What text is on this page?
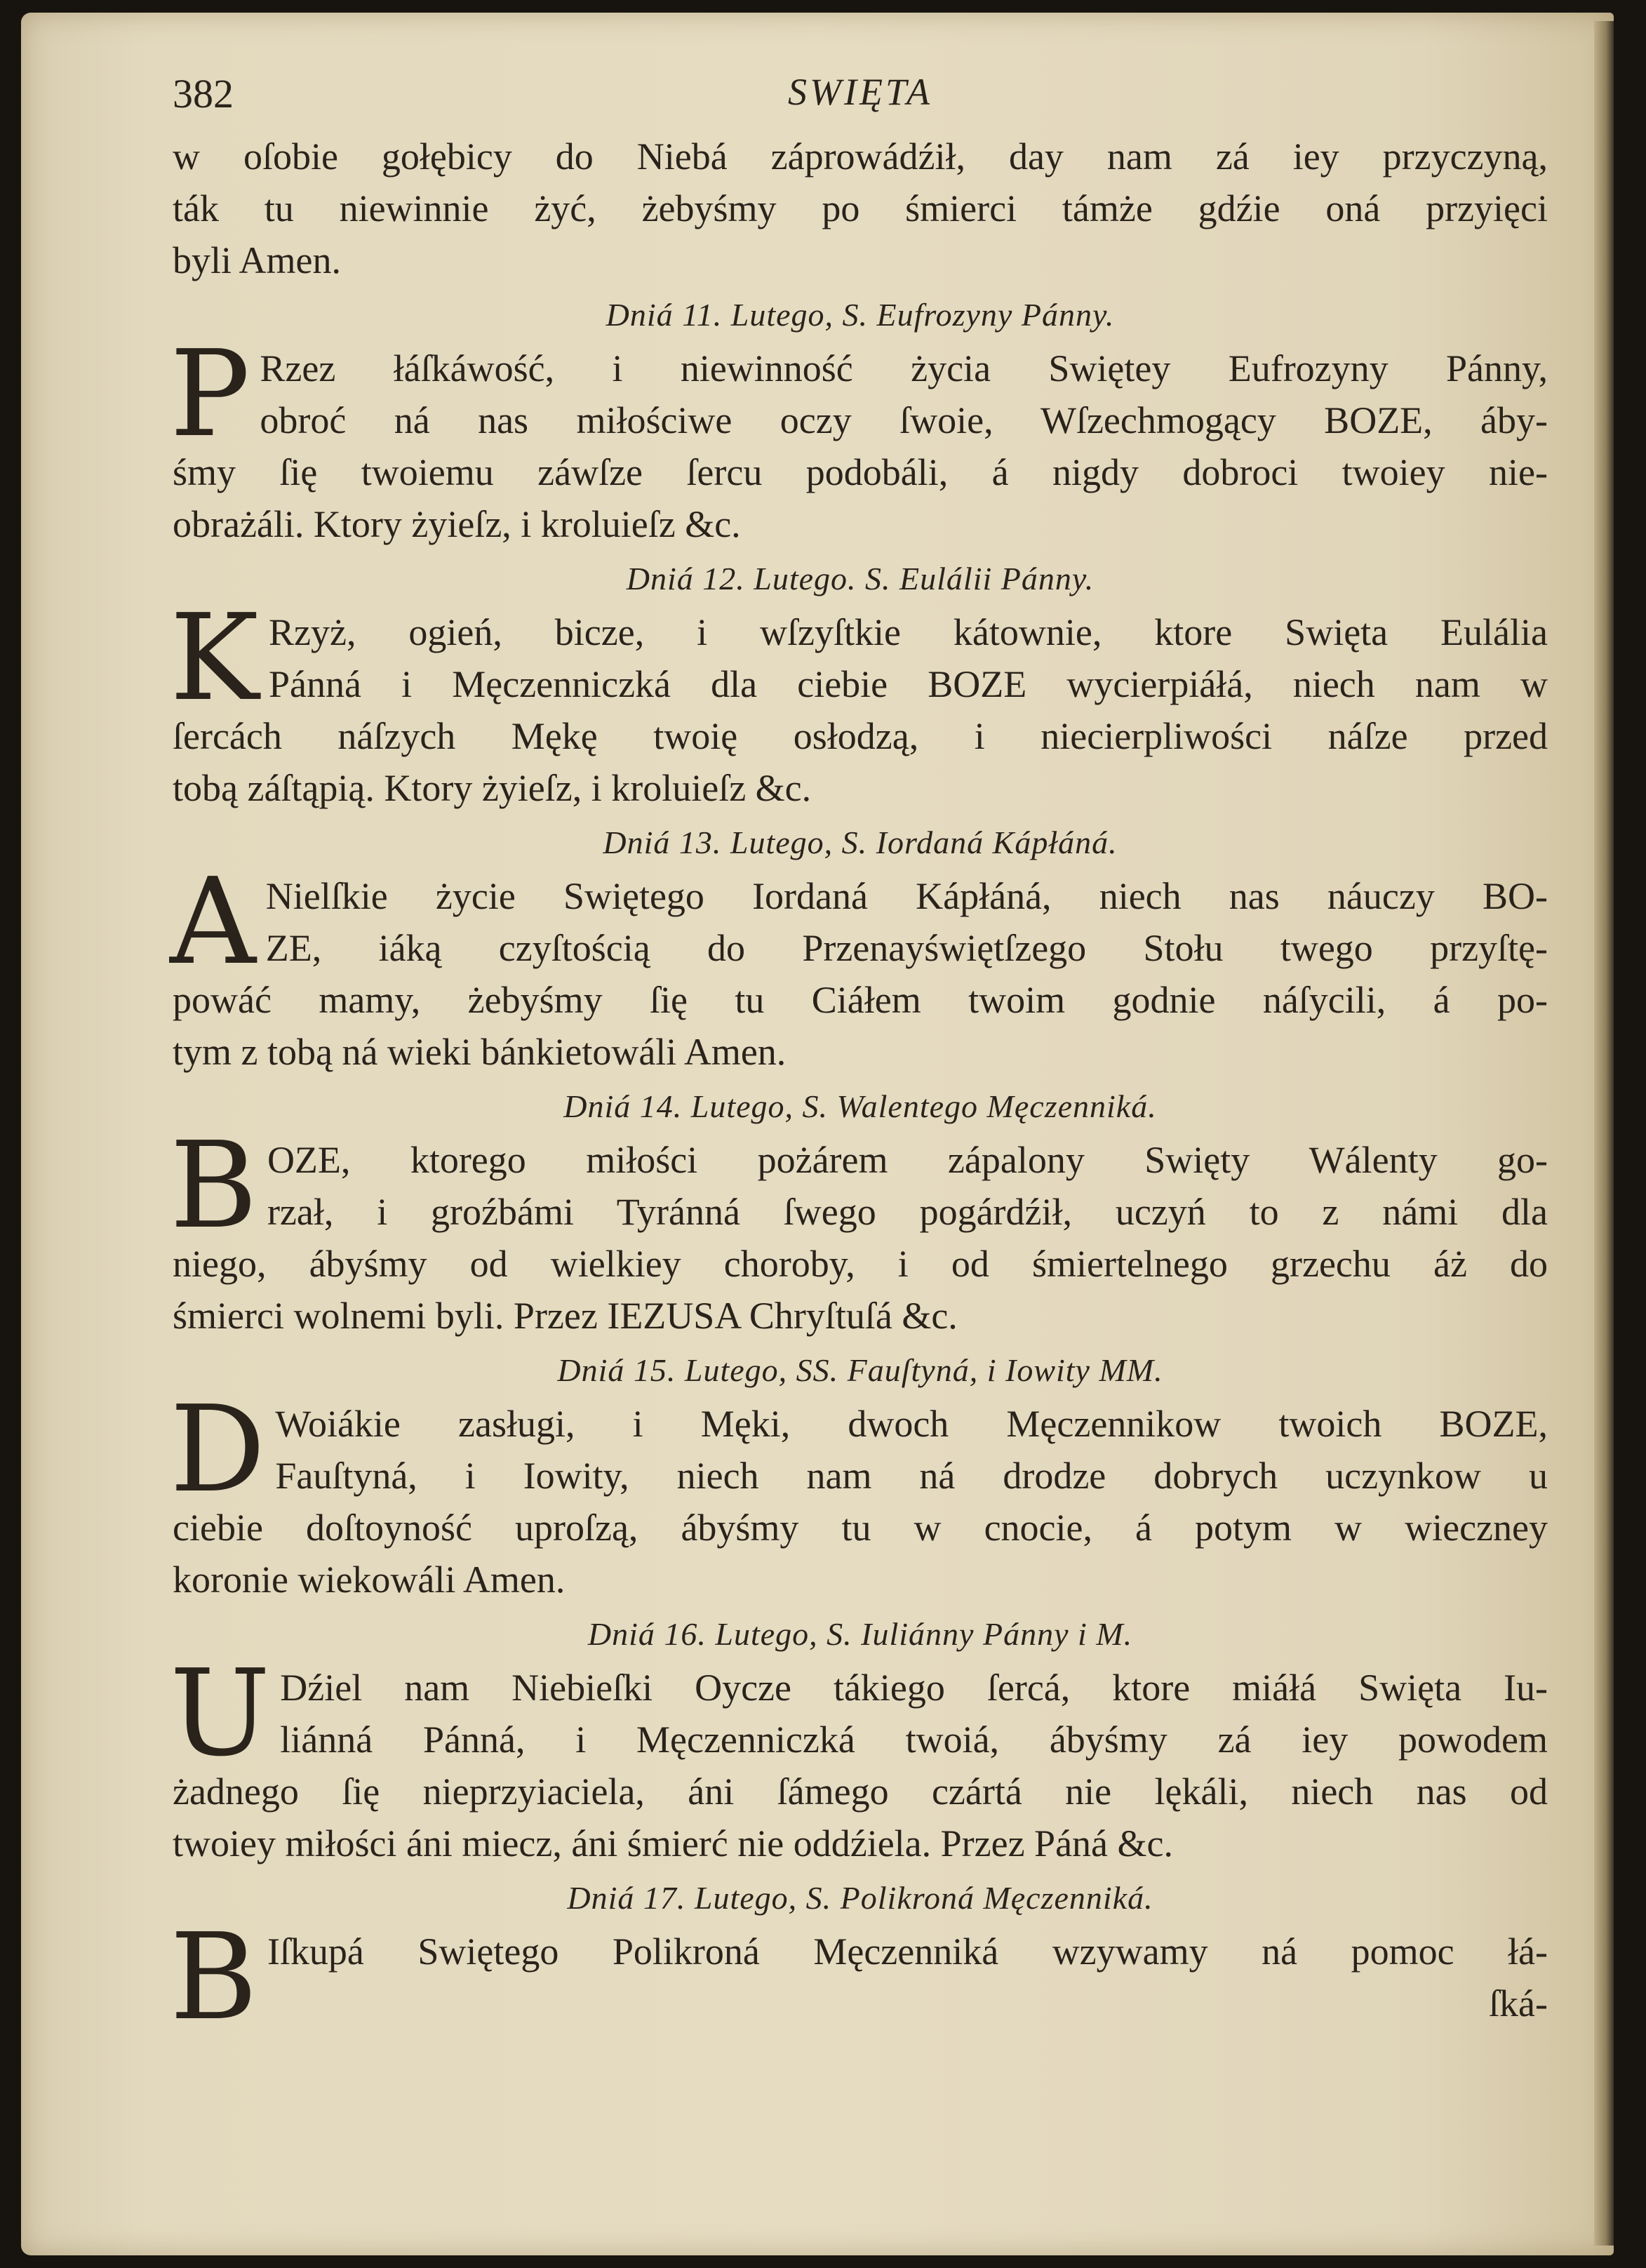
382	SWIĘTA

w oſobie gołębicy do Niebá záprowádźił, day nam zá iey przyczyną,

ták tu niewinnie żyć, żebyśmy po śmierci támże gdźie oná przyięci

byli Amen.

Dniá 11. Lutego, S. Eufrozyny Pánny.
P Rzez łáſkáwość, i niewinność życia Swiętey Eufrozyny Pánny,

obroć ná nas miłościwe oczy ſwoie, Wſzechmogący BOZE, áby-

śmy ſię twoiemu záwſze ſercu podobáli, á nigdy dobroci twoiey nie-

obrażáli. Ktory żyieſz, i kroluieſz &c.

Dniá 12. Lutego. S. Eulálii Pánny.
K Rzyż, ogień, bicze, i wſzyſtkie kátownie, ktore Swięta Eulália

Pánná i Męczenniczká dla ciebie BOZE wycierpiáłá, niech nam w

ſercách náſzych Mękę twoię osłodzą, i niecierpliwości náſze przed

tobą záſtąpią. Ktory żyieſz, i kroluieſz &c.

Dniá 13. Lutego, S. Iordaná Kápłáná.
A Nielſkie życie Swiętego Iordaná Kápłáná, niech nas náuczy BO-

ZE, iáką czyſtością do Przenayświętſzego Stołu twego przyſtę-

powáć mamy, żebyśmy ſię tu Ciáłem twoim godnie náſycili, á po-

tym z tobą ná wieki bánkietowáli Amen.

Dniá 14. Lutego, S. Walentego Męczenniká.
B OZE, ktorego miłości pożárem zápalony Swięty Wálenty go-

rzał, i groźbámi Tyránná ſwego pogárdźił, uczyń to z námi dla

niego, ábyśmy od wielkiey choroby, i od śmiertelnego grzechu áż do

śmierci wolnemi byli. Przez IEZUSA Chryſtuſá &c.

Dniá 15. Lutego, SS. Fauſtyná, i Iowity MM.
D Woiákie zasługi, i Męki, dwoch Męczennikow twoich BOZE,

Fauſtyná, i Iowity, niech nam ná drodze dobrych uczynkow u

ciebie doſtoyność uproſzą, ábyśmy tu w cnocie, á potym w wieczney

koronie wiekowáli Amen.

Dniá 16. Lutego, S. Iuliánny Pánny i M.
U Dźiel nam Niebieſki Oycze tákiego ſercá, ktore miáłá Swięta Iu-

liánná Pánná, i Męczenniczká twoiá, ábyśmy zá iey powodem

żadnego ſię nieprzyiaciela, áni ſámego czártá nie lękáli, niech nas od

twoiey miłości áni miecz, áni śmierć nie oddźiela. Przez Páná &c.

Dniá 17. Lutego, S. Polikroná Męczenniká.
B Iſkupá Swiętego Polikroná Męczenniká wzywamy ná pomoc łá-

ſká-
